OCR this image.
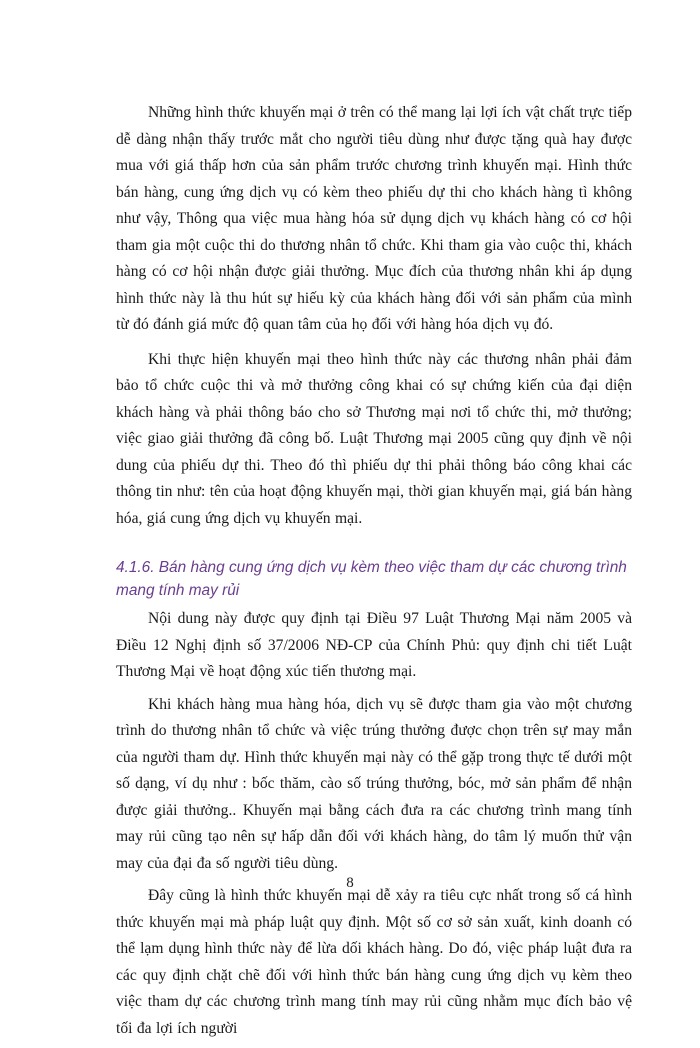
Những hình thức khuyến mại ở trên có thể mang lại lợi ích vật chất trực tiếp dễ dàng nhận thấy trước mắt cho người tiêu dùng như được tặng quà hay được mua với giá thấp hơn của sản phẩm trước chương trình khuyến mại. Hình thức bán hàng, cung ứng dịch vụ có kèm theo phiếu dự thi cho khách hàng tì không như vậy, Thông qua việc mua hàng hóa sử dụng dịch vụ khách hàng có cơ hội tham gia một cuộc thi do thương nhân tổ chức. Khi tham gia vào cuộc thi, khách hàng có cơ hội nhận được giải thưởng. Mục đích của thương nhân khi áp dụng hình thức này là thu hút sự hiếu kỳ của khách hàng đối với sản phẩm của mình từ đó đánh giá mức độ quan tâm của họ đối với hàng hóa dịch vụ đó.

Khi thực hiện khuyến mại theo hình thức này các thương nhân phải đảm bảo tổ chức cuộc thi và mở thưởng công khai có sự chứng kiến của đại diện khách hàng và phải thông báo cho sở Thương mại nơi tổ chức thi, mở thưởng; việc giao giải thưởng đã công bố. Luật Thương mại 2005 cũng quy định về nội dung của phiếu dự thi. Theo đó thì phiếu dự thi phải thông báo công khai các thông tin như: tên của hoạt động khuyến mại, thời gian khuyến mại, giá bán hàng hóa, giá cung ứng dịch vụ khuyến mại.

4.1.6. Bán hàng cung ứng dịch vụ kèm theo việc tham dự các chương trình mang tính may rủi

Nội dung này được quy định tại Điều 97 Luật Thương Mại năm 2005 và Điều 12 Nghị định số 37/2006 NĐ-CP của Chính Phủ: quy định chi tiết Luật Thương Mại về hoạt động xúc tiến thương mại.

Khi khách hàng mua hàng hóa, dịch vụ sẽ được tham gia vào một chương trình do thương nhân tổ chức và việc trúng thưởng được chọn trên sự may mắn của người tham dự. Hình thức khuyến mại này có thể gặp trong thực tế dưới một số dạng, ví dụ như : bốc thăm, cào số trúng thưởng, bóc, mở sản phẩm để nhận được giải thưởng.. Khuyến mại bằng cách đưa ra các chương trình mang tính may rủi cũng tạo nên sự hấp dẫn đối với khách hàng, do tâm lý muốn thử vận may của đại đa số người tiêu dùng.

Đây cũng là hình thức khuyến mại dễ xảy ra tiêu cực nhất trong số cá hình thức khuyến mại mà pháp luật quy định. Một số cơ sở sản xuất, kinh doanh có thể lạm dụng hình thức này để lừa dối khách hàng. Do đó, việc pháp luật đưa ra các quy định chặt chẽ đối với hình thức bán hàng cung ứng dịch vụ kèm theo việc tham dự các chương trình mang tính may rủi cũng nhằm mục đích bảo vệ tối đa lợi ích người

8
